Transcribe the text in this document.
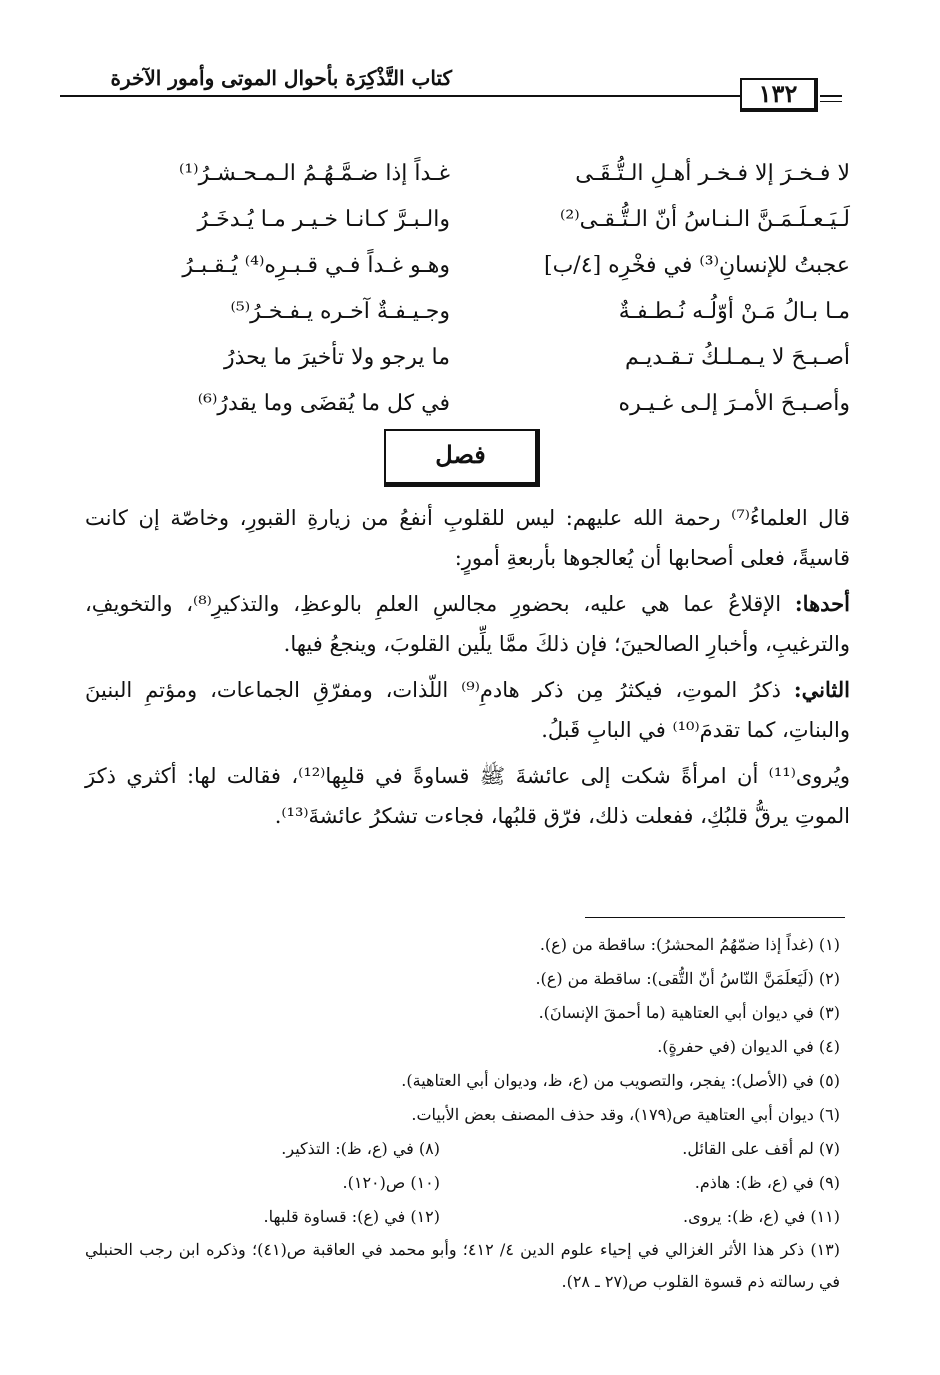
كتاب التَّذْكِرَة بأحوال الموتى وأمور الآخرة
١٣٢
لا فـخـرَ إلا فـخـر أهـلِ الـتُّـقَـى
غـداً إذا ضـمَّـهُـمُ الـمـحـشـرُ⁽¹⁾
لَـيَـعـلَـمَـنَّ الـنـاسُ أنّ الـتُّـقـى⁽²⁾
والـبـرَّ كـانـا خـيـر مـا يُـدخَـرُ
عجبتُ للإنسانِ⁽³⁾ في فخْرِه [٤/ب]
وهـو غـداً فـي قـبـرِه⁽⁴⁾ يُـقـبـرُ
مـا بـالُ مَـنْ أوّلُـه نُـطـفـةٌ
وجـيـفـةٌ آخـره يـفـخـرُ⁽⁵⁾
أصـبـحَ لا يـمـلـكُ تـقـديـم
ما يرجو ولا تأخيرَ ما يحذرُ
وأصـبـحَ الأمـرَ إلـى غـيـره
في كل ما يُقضَى وما يقدرُ⁽⁶⁾
فصل

قال العلماءُ⁽⁷⁾ رحمة الله عليهم: ليس للقلوبِ أنفعُ من زيارةِ القبورِ، وخاصّة إن كانت قاسيةً، فعلى أصحابها أن يُعالجوها بأربعةِ أمورٍ:

أحدها: الإقلاعُ عما هي عليه، بحضورِ مجالسِ العلمِ بالوعظِ، والتذكيرِ⁽⁸⁾، والتخويفِ، والترغيبِ، وأخبارِ الصالحينَ؛ فإن ذلكَ ممَّا يلِّين القلوبَ، وينجعُ فيها.

الثاني: ذكرُ الموتِ، فيكثرُ مِن ذكر هادمِ⁽⁹⁾ اللّذات، ومفرّقِ الجماعات، ومؤتمِ البنينَ والبناتِ، كما تقدمَ⁽¹⁰⁾ في البابِ قَبلُ.

ويُروى⁽¹¹⁾ أن امرأةً شكت إلى عائشةَ ﷺ قساوةً في قلبِها⁽¹²⁾، فقالت لها: أكثري ذكرَ الموتِ يرقُّ قلبُكِ، ففعلت ذلك، فرّق قلبُها، فجاءت تشكرُ عائشةَ⁽¹³⁾.

(١) (غداً إذا ضمّهُمُ المحشرُ): ساقطة من (ع).
(٢) (لَيَعلَمَنَّ النّاسُ أنّ التُّقى): ساقطة من (ع).
(٣) في ديوان أبي العتاهية (ما أحمقَ الإنسانَ).
(٤) في الديوان (في حفرةٍ).
(٥) في (الأصل): يفجر، والتصويب من (ع، ظ، وديوان أبي العتاهية).
(٦) ديوان أبي العتاهية ص(١٧٩)، وقد حذف المصنف بعض الأبيات.
(٧) لم أقف على القائل.
(٨) في (ع، ظ): التذكير.
(٩) في (ع، ظ): هاذم.
(١٠) ص(١٢٠).
(١١) في (ع، ظ): يروى.
(١٢) في (ع): قساوة قلبها.
(١٣) ذكر هذا الأثر الغزالي في إحياء علوم الدين ٤/ ٤١٢؛ وأبو محمد في العاقبة ص(٤١)؛ وذكره ابن رجب الحنبلي في رسالته ذم قسوة القلوب ص(٢٧ ـ ٢٨).
